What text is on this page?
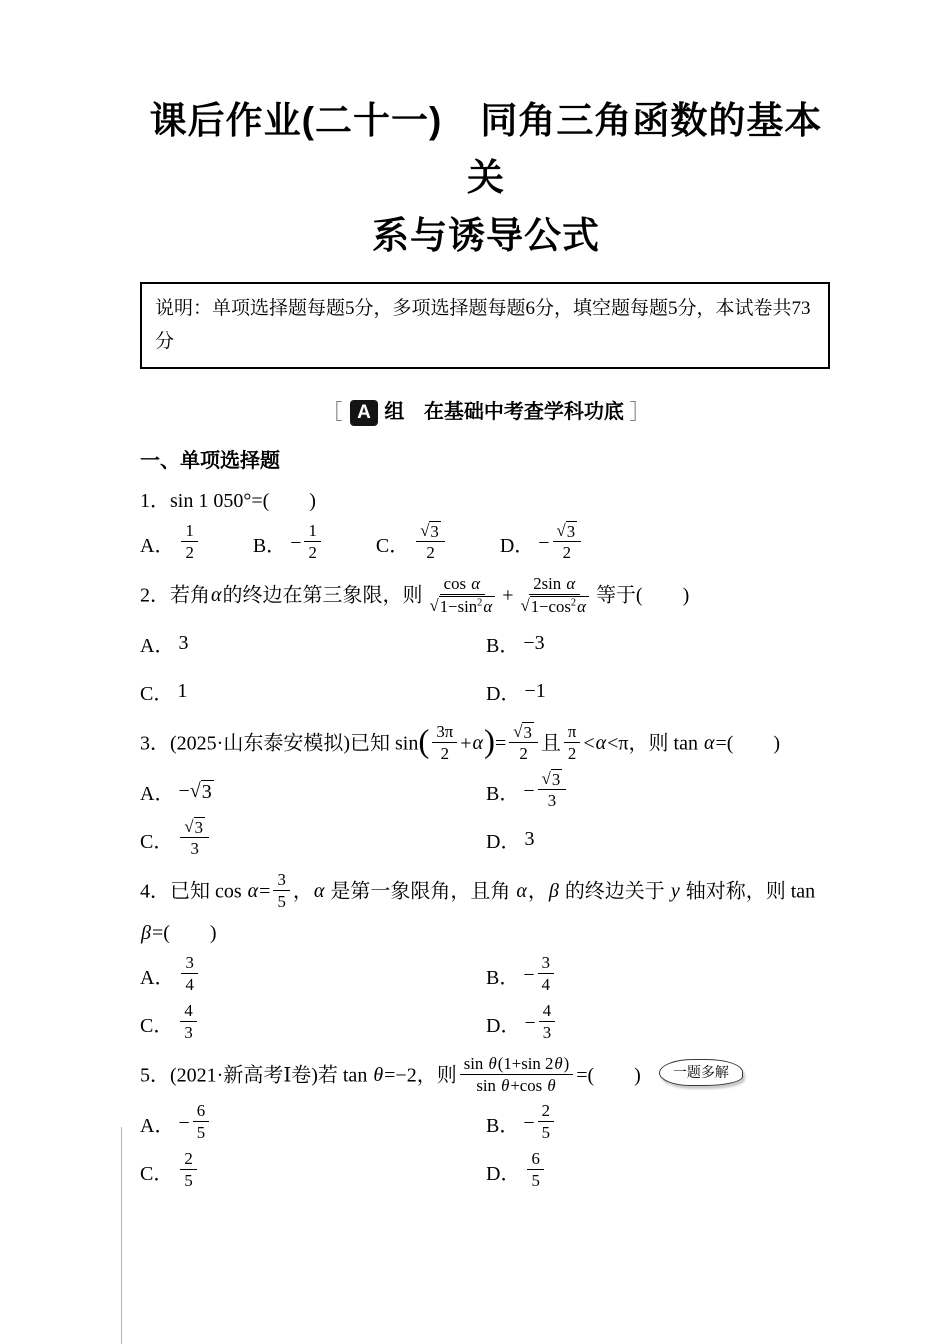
课后作业(二十一)　同角三角函数的基本关
系与诱导公式
说明：单项选择题每题5分，多项选择题每题6分，填空题每题5分，本试卷共73分
［ A 组 在基础中考查学科功底 ］
一、单项选择题
1．sin 1 050°=(　　)
A． $\frac{1}{2}$	B． − $\frac{1}{2}$	C． $\frac{√ 3}{2}$	D． − $\frac{√ 3}{2}$
2．若角α的终边在第三象限，则 $\frac{\text{cos α}}{√ 1-\sin^2\alpha} + \frac{\text{2sin α}}{√ 1-\cos^2\alpha}$ 等于(　　)
A． 3	B． −3
C． 1	D． −1
3．(2025·山东泰安模拟)已知 $\sin( \frac{3\pi}{2} +\alpha)= \frac{√ 3}{2}$ 且 $\frac{\pi}{2} <\alpha<\pi$，则 tan α=(　　)
A． − √ 3	B． − $\frac{√ 3}{3}$
C． $\frac{√ 3}{3}$	D． 3
4．已知 $\cos \alpha= \frac{3}{5}$ ，α 是第一象限角，且角 α，β 的终边关于 y 轴对称，则 tan β=(　　)
A． $\frac{3}{4}$	B． − $\frac{3}{4}$
C． $\frac{4}{3}$	D． − $\frac{4}{3}$
5．(2021·新高考Ⅰ卷)若 tan θ=−2，则 $\frac{\text{sin θ(1+sin 2θ)}}{\text{sin θ+cos θ}}$ =(　　) 一题多解
A． − $\frac{6}{5}$	B． − $\frac{2}{5}$
C． $\frac{2}{5}$	D． $\frac{6}{5}$
